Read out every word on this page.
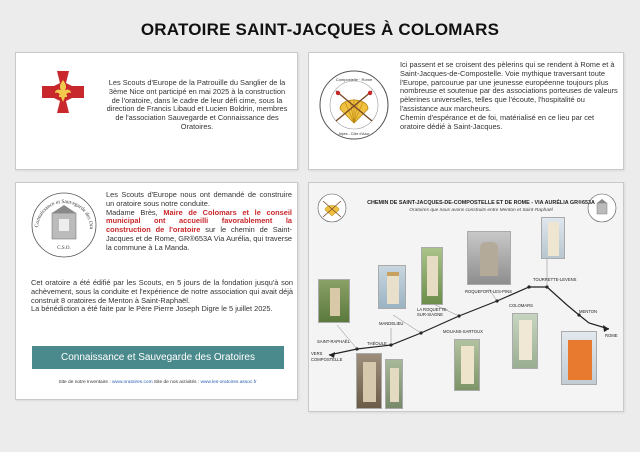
ORATOIRE SAINT-JACQUES À COLOMARS
Les Scouts d'Europe de la Patrouille du Sanglier de la 3ème Nice ont participé en mai 2025 à la construction de l'oratoire, dans le cadre de leur défi cime, sous la direction de Francis Libaud et Lucien Boldrin, membres de l'association Sauvegarde et Connaissance des Oratoires.
Compostelle · Rome
Alpes - Côte d'Azur
Ici passent et se croisent des pèlerins qui se rendent à Rome et à Saint-Jacques-de-Compostelle. Voie mythique traversant toute l'Europe, parcourue par une jeunesse européenne toujours plus nombreuse et soutenue par des associations porteuses de valeurs pèlerines universelles, telles que l'écoute, l'hospitalité ou l'assistance aux marcheurs.
Chemin d'espérance et de foi, matérialisé en ce lieu par cet oratoire dédié à Saint-Jacques.
Connaissance et Sauvegarde des Ora
C.S.O.
Les Scouts d'Europe nous ont demandé de construire un oratoire sous notre conduite.
Madame Brès, Maire de Colomars et le conseil municipal ont accueilli favorablement la construction de l'oratoire sur le chemin de Saint-Jacques et de Rome, GR®653A Via Aurélia, qui traverse la commune à La Manda.
Cet oratoire a été édifié par les Scouts, en 5 jours de la fondation jusqu'à son achèvement, sous la conduite et l'expérience de notre association qui avait déjà construit 8 oratoires de Menton à Saint-Raphaël.
La bénédiction a été faite par le Père Pierre Joseph Digre le 5 juillet 2025.
Connaissance et Sauvegarde des Oratoires
Site de notre Inventaire : www.oratoires.com Site de nos activités : www.les-oratoires.assoc.fr
CHEMIN DE SAINT-JACQUES-DE-COMPOSTELLE ET DE ROME - VIA AURÉLIA GR®653A
Oratoires que nous avons construits entre Menton et Saint-Raphaël
VERS
COMPOSTELLE
SAINT-RAPHAËL	THÉOULE
MANDELIEU
LA ROQUETTE-SUR-SIAGNE
MOUANS-SARTOUX
ROQUEFORT-LES-PINS
COLOMARS
TOURRETTE-LEVENS
MENTON
ROME
